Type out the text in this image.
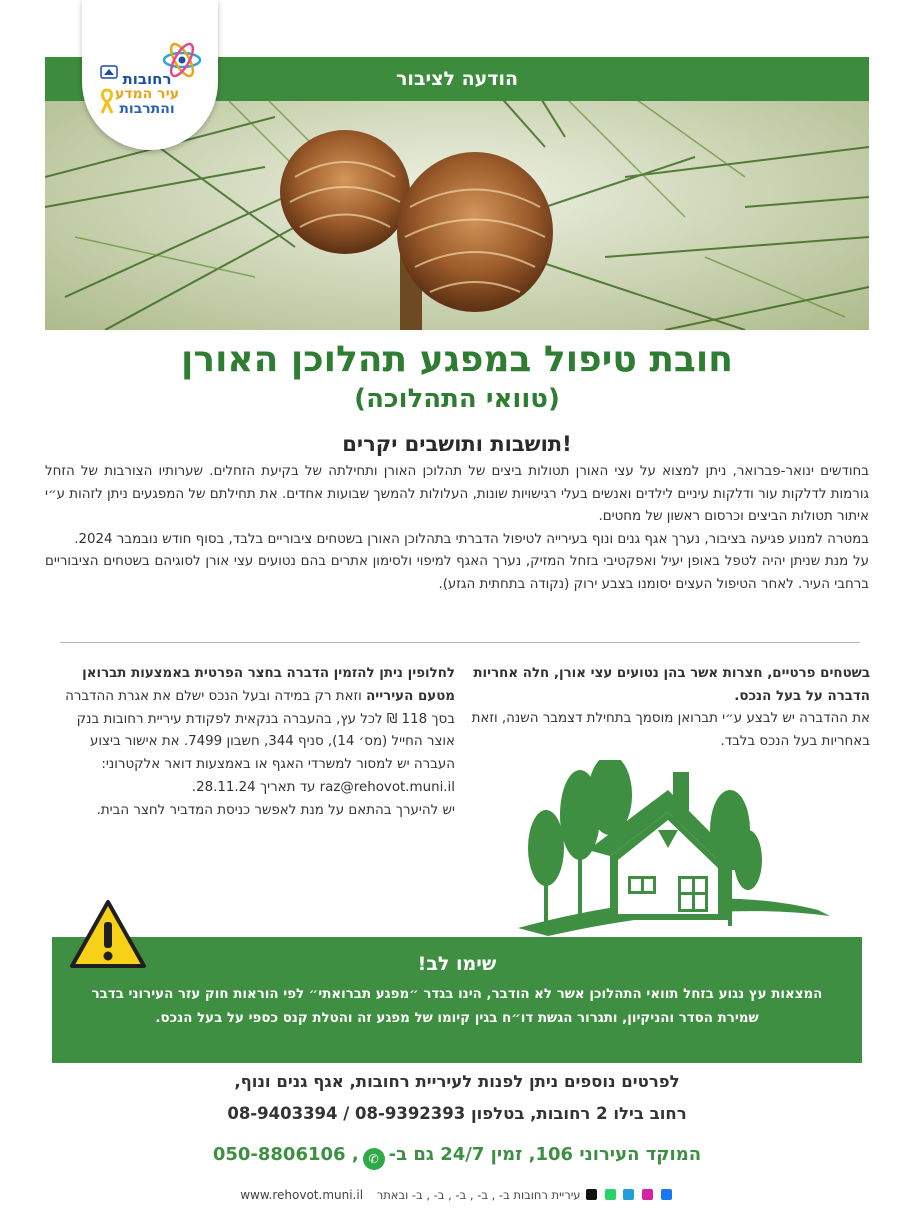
הודעה לציבור
רחובות
עיר המדע
והתרבות
חובת טיפול במפגע תהלוכן האורן
(טוואי התהלוכה)
תושבות ותושבים יקרים!

בחודשים ינואר-פברואר, ניתן למצוא על עצי האורן תטולות ביצים של תהלוכן האורן ותחילתה של בקיעת הזחלים. שערותיו הצורבות של הזחל גורמות לדלקות עור ודלקות עיניים לילדים ואנשים בעלי רגישויות שונות, העלולות להמשך שבועות אחדים. את תחילתם של המפגעים ניתן לזהות ע״י איתור תטולות הביצים וכרסום ראשון של מחטים.

במטרה למנוע פגיעה בציבור, נערך אגף גנים ונוף בעירייה לטיפול הדברתי בתהלוכן האורן בשטחים ציבוריים בלבד, בסוף חודש נובמבר 2024.

על מנת שניתן יהיה לטפל באופן יעיל ואפקטיבי בזחל המזיק, נערך האגף למיפוי ולסימון אתרים בהם נטועים עצי אורן לסוגיהם בשטחים הציבוריים ברחבי העיר. לאחר הטיפול העצים יסומנו בצבע ירוק (נקודה בתחתית הגזע).

בשטחים פרטיים, חצרות אשר בהן נטועים עצי אורן, חלה אחריות הדברה על בעל הנכס.

את ההדברה יש לבצע ע״י תברואן מוסמך בתחילת דצמבר השנה, וזאת באחריות בעל הנכס בלבד.

לחלופין ניתן להזמין הדברה בחצר הפרטית באמצעות תברואן מטעם העירייה וזאת רק במידה ובעל הנכס ישלם את אגרת ההדברה בסך 118 ₪ לכל עץ, בהעברה בנקאית לפקודת עיריית רחובות בנק אוצר החייל (מס׳ 14), סניף 344, חשבון 7499. את אישור ביצוע העברה יש למסור למשרדי האגף או באמצעות דואר אלקטרוני: raz@rehovot.muni.il עד תאריך 28.11.24.

יש להיערך בהתאם על מנת לאפשר כניסת המדביר לחצר הבית.

שימו לב!
המצאות עץ נגוע בזחל תוואי התהלוכן אשר לא הודבר, הינו בגדר ״מפגע תברואתי״ לפי הוראות חוק עזר העירוני בדבר שמירת הסדר והניקיון, ותגרור הגשת דו״ח בגין קיומו של מפגע זה והטלת קנס כספי על בעל הנכס.
לפרטים נוספים ניתן לפנות לעיריית רחובות, אגף גנים ונוף,
רחוב בילו 2 רחובות, בטלפון 08-9392393 / 08-9403394
המוקד העירוני 106, זמין 24/7 גם ב-✆, 050-8806106
עיריית רחובות ב- , ב- , ב- , ב- , ב- ובאתר www.rehovot.muni.il
